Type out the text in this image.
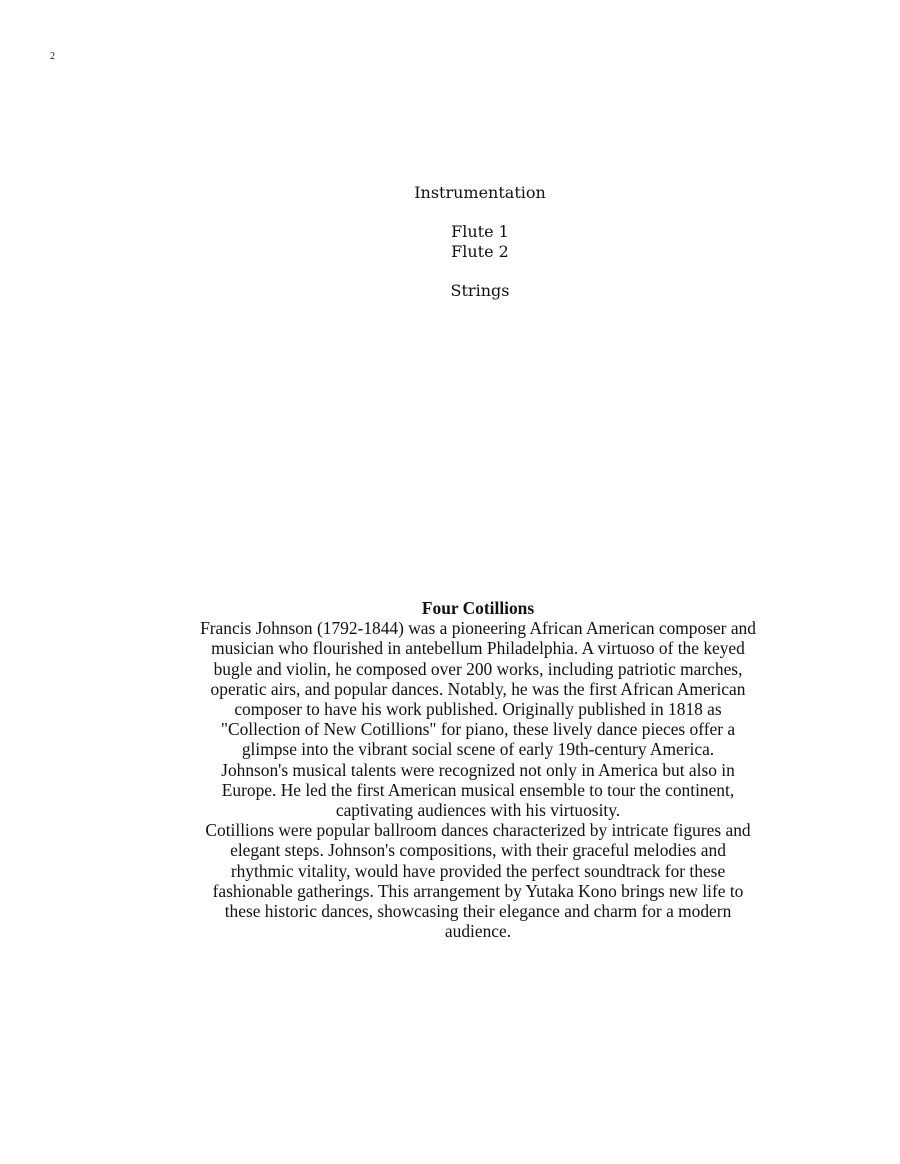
2
Instrumentation
Flute 1
Flute 2
Strings
Four Cotillions

Francis Johnson (1792-1844) was a pioneering African American composer and musician who flourished in antebellum Philadelphia. A virtuoso of the keyed bugle and violin, he composed over 200 works, including patriotic marches, operatic airs, and popular dances. Notably, he was the first African American composer to have his work published. Originally published in 1818 as "Collection of New Cotillions" for piano, these lively dance pieces offer a glimpse into the vibrant social scene of early 19th-century America.

Johnson's musical talents were recognized not only in America but also in Europe. He led the first American musical ensemble to tour the continent, captivating audiences with his virtuosity.

Cotillions were popular ballroom dances characterized by intricate figures and elegant steps. Johnson's compositions, with their graceful melodies and rhythmic vitality, would have provided the perfect soundtrack for these fashionable gatherings. This arrangement by Yutaka Kono brings new life to these historic dances, showcasing their elegance and charm for a modern audience.
